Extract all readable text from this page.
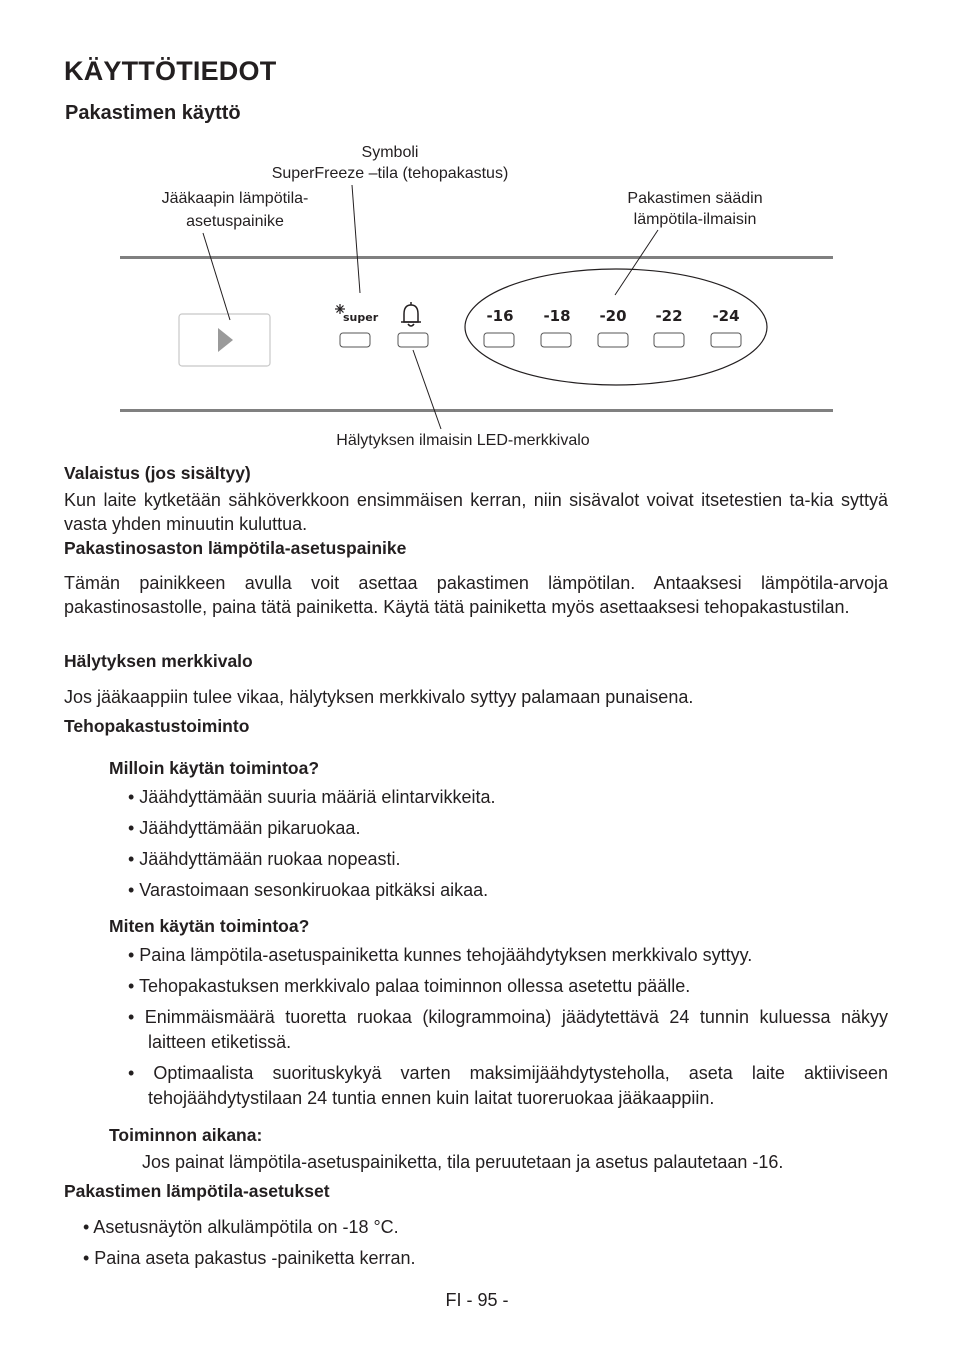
KÄYTTÖTIEDOT
Pakastimen käyttö
Symboli
SuperFreeze –tila (tehopakastus)
Jääkaapin lämpötila-
asetuspainike
Pakastimen säädin
lämpötila-ilmaisin
Hälytyksen ilmaisin LED-merkkivalo
super	-16 -18 -20 -22 -24
Valaistus (jos sisältyy)
Kun laite kytketään sähköverkkoon ensimmäisen kerran, niin sisävalot voivat itsetestien ta-kia syttyä vasta yhden minuutin kuluttua.
Pakastinosaston lämpötila-asetuspainike
Tämän painikkeen avulla voit asettaa pakastimen lämpötilan. Antaaksesi lämpötila-arvoja pakastinosastolle, paina tätä painiketta. Käytä tätä painiketta myös asettaaksesi tehopakastustilan.
Hälytyksen merkkivalo
Jos jääkaappiin tulee vikaa, hälytyksen merkkivalo syttyy palamaan punaisena.
Tehopakastustoiminto
Milloin käytän toimintoa?
• Jäähdyttämään suuria määriä elintarvikkeita.
• Jäähdyttämään pikaruokaa.
• Jäähdyttämään ruokaa nopeasti.
• Varastoimaan sesonkiruokaa pitkäksi aikaa.
Miten käytän toimintoa?
• Paina lämpötila-asetuspainiketta kunnes tehojäähdytyksen merkkivalo syttyy.
• Tehopakastuksen merkkivalo palaa toiminnon ollessa asetettu päälle.
• Enimmäismäärä tuoretta ruokaa (kilogrammoina) jäädytettävä 24 tunnin kuluessa näkyy laitteen etiketissä.
• Optimaalista suorituskykyä varten maksimijäähdytysteholla, aseta laite aktiiviseen tehojäähdytystilaan 24 tuntia ennen kuin laitat tuoreruokaa jääkaappiin.
Toiminnon aikana:
Jos painat lämpötila-asetuspainiketta, tila peruutetaan ja asetus palautetaan -16.
Pakastimen lämpötila-asetukset
• Asetusnäytön alkulämpötila on -18 °C.
• Paina aseta pakastus -painiketta kerran.
FI - 95 -
